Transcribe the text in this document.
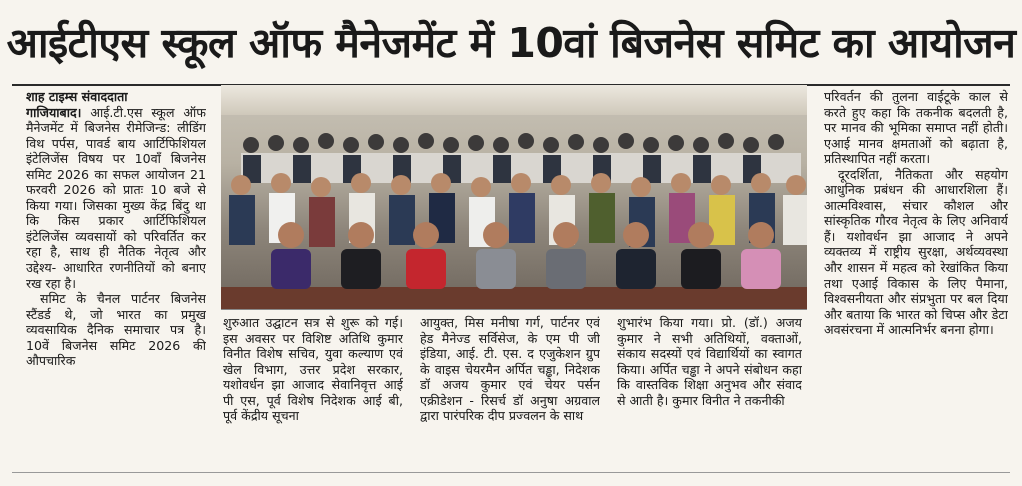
आईटीएस स्कूल ऑफ मैनेजमेंट में 10वां बिजनेस समिट का आयोजन

शाह टाइम्स संवाददाता
गाजियाबाद। आई.टी.एस स्कूल ऑफ मैनेजमेंट में बिजनेस रीमेजिन्ड: लीडिंग विथ पर्पस, पावर्ड बाय आर्टिफिशियल इंटेलिजेंस विषय पर 10वाँ बिजनेस समिट 2026 का सफल आयोजन 21 फरवरी 2026 को प्रातः 10 बजे से किया गया। जिसका मुख्य केंद्र बिंदु था कि किस प्रकार आर्टिफिशियल इंटेलिजेंस व्यवसायों को परिवर्तित कर रहा है, साथ ही नैतिक नेतृत्व और उद्देश्य- आधारित रणनीतियों को बनाए रख रहा है।

समिट के चैनल पार्टनर बिजनेस स्टैंडर्ड थे, जो भारत का प्रमुख व्यवसायिक दैनिक समाचार पत्र है। 10वें बिजनेस समिट 2026 की औपचारिक

शुरुआत उद्घाटन सत्र से शुरू को गई। इस अवसर पर विशिष्ट अतिथि कुमार विनीत विशेष सचिव, युवा कल्याण एवं खेल विभाग, उत्तर प्रदेश सरकार, यशोवर्धन झा आजाद सेवानिवृत्त आई पी एस, पूर्व विशेष निदेशक आई बी, पूर्व केंद्रीय सूचना

आयुक्त, मिस मनीषा गर्ग, पार्टनर एवं हेड मैनेज्ड सर्विसेज, के एम पी जी इंडिया, आई. टी. एस. द एजुकेशन ग्रुप के वाइस चेयरमैन अर्पित चड्ढा, निदेशक डॉ अजय कुमार एवं चेयर पर्सन एक्रीडेशन - रिसर्च डॉ अनुषा अग्रवाल द्वारा पारंपरिक दीप प्रज्वलन के साथ

शुभारंभ किया गया। प्रो. (डॉ.) अजय कुमार ने सभी अतिथियों, वक्ताओं, संकाय सदस्यों एवं विद्यार्थियों का स्वागत किया। अर्पित चड्ढा ने अपने संबोधन कहा कि वास्तविक शिक्षा अनुभव और संवाद से आती है। कुमार विनीत ने तकनीकी

परिवर्तन की तुलना वाईटूके काल से करते हुए कहा कि तकनीक बदलती है, पर मानव की भूमिका समाप्त नहीं होती। एआई मानव क्षमताओं को बढ़ाता है, प्रतिस्थापित नहीं करता।

दूरदर्शिता, नैतिकता और सहयोग आधुनिक प्रबंधन की आधारशिला हैं। आत्मविश्वास, संचार कौशल और सांस्कृतिक गौरव नेतृत्व के लिए अनिवार्य हैं। यशोवर्धन झा आजाद ने अपने व्यक्तव्य में राष्ट्रीय सुरक्षा, अर्थव्यवस्था और शासन में महत्व को रेखांकित किया तथा एआई विकास के लिए पैमाना, विश्वसनीयता और संप्रभुता पर बल दिया और बताया कि भारत को चिप्स और डेटा अवसंरचना में आत्मनिर्भर बनना होगा।
